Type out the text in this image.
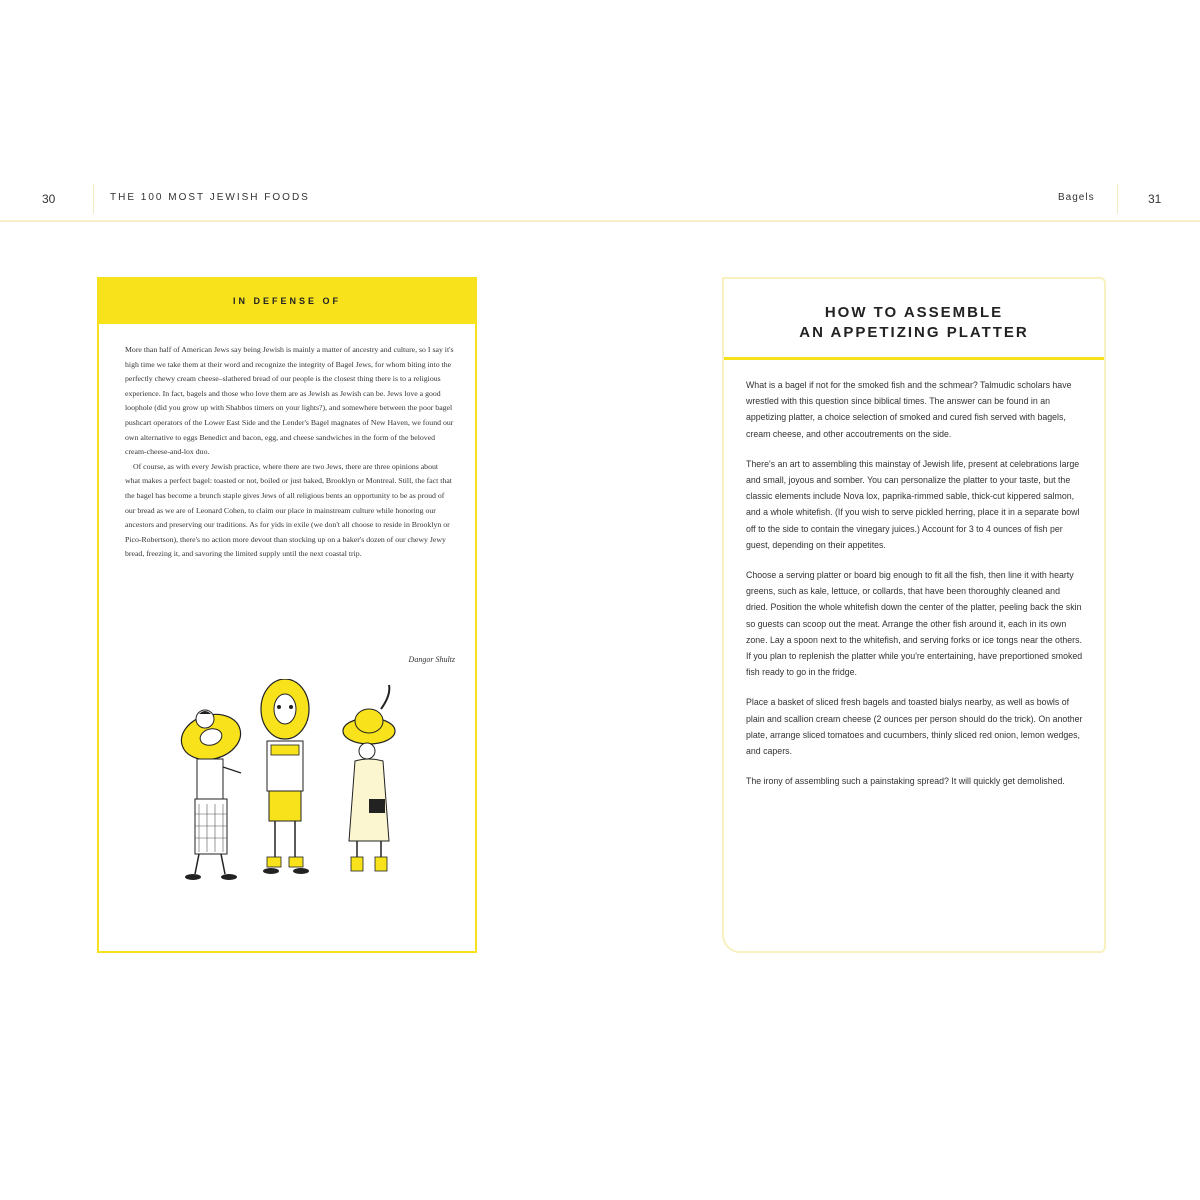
30	THE 100 MOST JEWISH FOODS	Bagels	31
IN DEFENSE OF

More than half of American Jews say being Jewish is mainly a matter of ancestry and culture, so I say it's high time we take them at their word and recognize the integrity of Bagel Jews, for whom biting into the perfectly chewy cream cheese–slathered bread of our people is the closest thing there is to a religious experience. In fact, bagels and those who love them are as Jewish as Jewish can be. Jews love a good loophole (did you grow up with Shabbos timers on your lights?), and somewhere between the poor bagel pushcart operators of the Lower East Side and the Lender's Bagel magnates of New Haven, we found our own alternative to eggs Benedict and bacon, egg, and cheese sandwiches in the form of the beloved cream-cheese-and-lox duo.

Of course, as with every Jewish practice, where there are two Jews, there are three opinions about what makes a perfect bagel: toasted or not, boiled or just baked, Brooklyn or Montreal. Still, the fact that the bagel has become a brunch staple gives Jews of all religious bents an opportunity to be as proud of our bread as we are of Leonard Cohen, to claim our place in mainstream culture while honoring our ancestors and preserving our traditions. As for yids in exile (we don't all choose to reside in Brooklyn or Pico-Robertson), there's no action more devout than stocking up on a baker's dozen of our chewy Jewy bread, freezing it, and savoring the limited supply until the next coastal trip.

Dangor Shultz
HOW TO ASSEMBLE
AN APPETIZING PLATTER

What is a bagel if not for the smoked fish and the schmear? Talmudic scholars have wrestled with this question since biblical times. The answer can be found in an appetizing platter, a choice selection of smoked and cured fish served with bagels, cream cheese, and other accoutrements on the side.

There's an art to assembling this mainstay of Jewish life, present at celebrations large and small, joyous and somber. You can personalize the platter to your taste, but the classic elements include Nova lox, paprika-rimmed sable, thick-cut kippered salmon, and a whole whitefish. (If you wish to serve pickled herring, place it in a separate bowl off to the side to contain the vinegary juices.) Account for 3 to 4 ounces of fish per guest, depending on their appetites.

Choose a serving platter or board big enough to fit all the fish, then line it with hearty greens, such as kale, lettuce, or collards, that have been thoroughly cleaned and dried. Position the whole whitefish down the center of the platter, peeling back the skin so guests can scoop out the meat. Arrange the other fish around it, each in its own zone. Lay a spoon next to the whitefish, and serving forks or ice tongs near the others. If you plan to replenish the platter while you're entertaining, have preportioned smoked fish ready to go in the fridge.

Place a basket of sliced fresh bagels and toasted bialys nearby, as well as bowls of plain and scallion cream cheese (2 ounces per person should do the trick). On another plate, arrange sliced tomatoes and cucumbers, thinly sliced red onion, lemon wedges, and capers.

The irony of assembling such a painstaking spread? It will quickly get demolished.
